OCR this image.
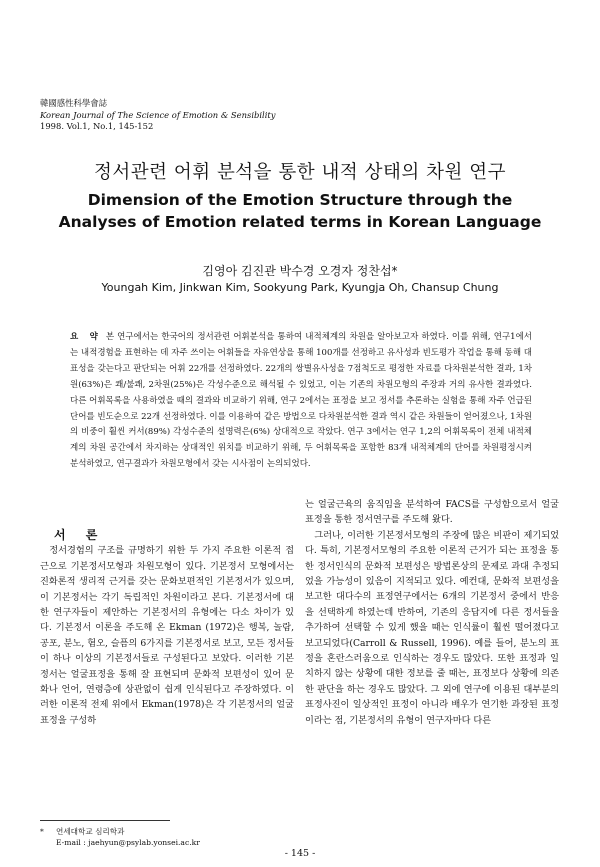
韓國感性科學會誌
Korean Journal of The Science of Emotion & Sensibility
1998. Vol.1, No.1, 145-152
정서관련 어휘 분석을 통한 내적 상태의 차원 연구
Dimension of the Emotion Structure through the
Analyses of Emotion related terms in Korean Language
김영아 김진관 박수경 오경자 정찬섭*
Youngah Kim, Jinkwan Kim, Sookyung Park, Kyungja Oh, Chansup Chung
요 약 본 연구에서는 한국어의 정서관련 어휘분석을 통하여 내적체계의 차원을 알아보고자 하였다. 이를 위해, 연구1에서는 내적경험을 표현하는 데 자주 쓰이는 어휘들을 자유연상을 통해 100개를 선정하고 유사성과 빈도평가 작업을 통해 동해 대표성을 갖는다고 판단되는 어휘 22개를 선정하였다. 22개의 쌍별유사성을 7점척도로 평정한 자료를 다차원분석한 결과, 1차원(63%)은 쾌/불쾌, 2차원(25%)은 각성수준으로 해석될 수 있었고, 이는 기존의 차원모형의 주장과 거의 유사한 결과였다. 다른 어휘목록을 사용하였을 때의 결과와 비교하기 위해, 연구 2에서는 표정을 보고 정서를 추론하는 실험을 통해 자주 언급된 단어를 빈도순으로 22개 선정하였다. 이를 이용하여 같은 방법으로 다차원분석한 결과 역시 같은 차원들이 얻어졌으나, 1차원의 비중이 훨씬 커서(89%) 각성수준의 설명력은(6%) 상대적으로 작았다. 연구 3에서는 연구 1,2의 어휘목록이 전체 내적체계의 차원 공간에서 차지하는 상대적인 위치를 비교하기 위해, 두 어휘목록을 포함한 83개 내적체계의 단어를 차원평정시켜 분석하였고, 연구결과가 차원모형에서 갖는 시사점이 논의되었다.

서 론

정서경험의 구조를 규명하기 위한 두 가지 주요한 이론적 접근으로 기본정서모형과 차원모형이 있다. 기본정서 모형에서는 진화론적 생리적 근거를 갖는 문화보편적인 기본정서가 있으며, 이 기본정서는 각기 독립적인 차원이라고 본다. 기본정서에 대한 연구자들이 제안하는 기본정서의 유형에는 다소 차이가 있다. 기본정서 이론을 주도해 온 Ekman (1972)은 행복, 놀람, 공포, 분노, 혐오, 슬픔의 6가지를 기본정서로 보고, 모든 정서들이 하나 이상의 기본정서들로 구성된다고 보았다. 이러한 기본정서는 얼굴표정을 통해 잘 표현되며 문화적 보편성이 있어 문화나 언어, 연령층에 상관없이 쉽게 인식된다고 주장하였다. 이러한 이론적 전제 위에서 Ekman(1978)은 각 기본정서의 얼굴표정을 구성하

는 얼굴근육의 움직임을 분석하여 FACS를 구성함으로서 얼굴표정을 통한 정서연구를 주도해 왔다.

그러나, 이러한 기본정서모형의 주장에 많은 비판이 제기되었다. 특히, 기본정서모형의 주요한 이론적 근거가 되는 표정을 통한 정서인식의 문화적 보편성은 방법론상의 문제로 과대 추정되었을 가능성이 있음이 지적되고 있다. 예컨대, 문화적 보편성을 보고한 대다수의 표정연구에서는 6개의 기본정서 중에서 반응을 선택하게 하였는데 반하여, 기존의 응답지에 다른 정서들을 추가하여 선택할 수 있게 했을 때는 인식률이 훨씬 떨어졌다고 보고되었다(Carroll & Russell, 1996). 예를 들어, 분노의 표정을 혼란스러움으로 인식하는 경우도 많았다. 또한 표정과 일치하지 않는 상황에 대한 정보를 줄 때는, 표정보다 상황에 의존한 판단을 하는 경우도 많았다. 그 외에 연구에 이용된 대부분의 표정사진이 일상적인 표정이 아니라 배우가 연기한 과장된 표정이라는 점, 기본정서의 유형이 연구자마다 다른

* 연세대학교 심리학과
E-mail : jaehyun@psylab.yonsei.ac.kr
- 145 -
